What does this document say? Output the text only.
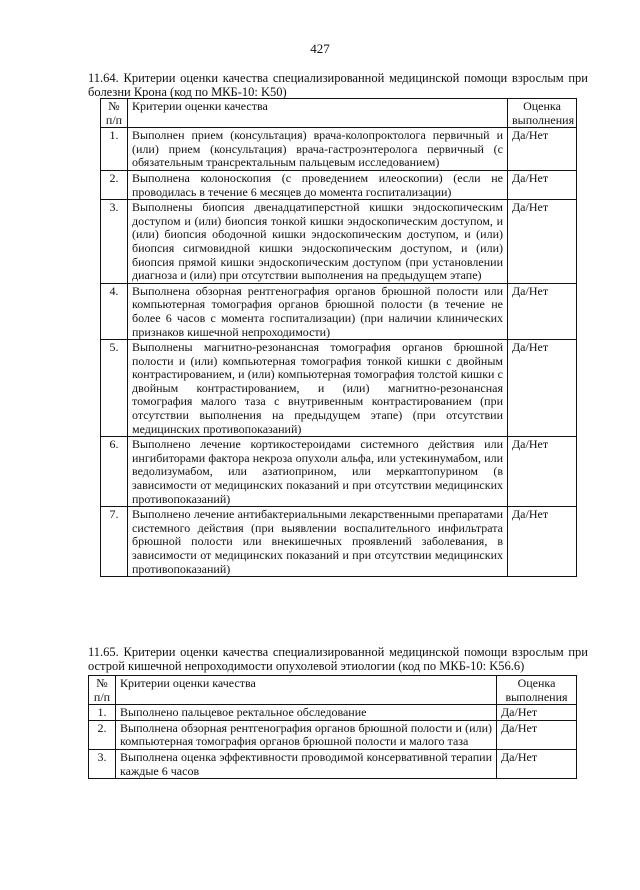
427
11.64. Критерии оценки качества специализированной медицинской помощи взрослым при болезни Крона (код по МКБ-10: K50)
№ п/п	Критерии оценки качества	Оценка выполнения
1.	Выполнен прием (консультация) врача-колопроктолога первичный и (или) прием (консультация) врача-гастроэнтеролога первичный (с обязательным трансректальным пальцевым исследованием)	Да/Нет
2.	Выполнена колоноскопия (с проведением илеоскопии) (если не проводилась в течение 6 месяцев до момента госпитализации)	Да/Нет
3.	Выполнены биопсия двенадцатиперстной кишки эндоскопическим доступом и (или) биопсия тонкой кишки эндоскопическим доступом, и (или) биопсия ободочной кишки эндоскопическим доступом, и (или) биопсия сигмовидной кишки эндоскопическим доступом, и (или) биопсия прямой кишки эндоскопическим доступом (при установлении диагноза и (или) при отсутствии выполнения на предыдущем этапе)	Да/Нет
4.	Выполнена обзорная рентгенография органов брюшной полости или компьютерная томография органов брюшной полости (в течение не более 6 часов с момента госпитализации) (при наличии клинических признаков кишечной непроходимости)	Да/Нет
5.	Выполнены магнитно-резонансная томография органов брюшной полости и (или) компьютерная томография тонкой кишки с двойным контрастированием, и (или) компьютерная томография толстой кишки с двойным контрастированием, и (или) магнитно-резонансная томография малого таза с внутривенным контрастированием (при отсутствии выполнения на предыдущем этапе) (при отсутствии медицинских противопоказаний)	Да/Нет
6.	Выполнено лечение кортикостероидами системного действия или ингибиторами фактора некроза опухоли альфа, или устекинумабом, или ведолизумабом, или азатиоприном, или меркаптопурином (в зависимости от медицинских показаний и при отсутствии медицинских противопоказаний)	Да/Нет
7.	Выполнено лечение антибактериальными лекарственными препаратами системного действия (при выявлении воспалительного инфильтрата брюшной полости или внекишечных проявлений заболевания, в зависимости от медицинских показаний и при отсутствии медицинских противопоказаний)	Да/Нет
11.65. Критерии оценки качества специализированной медицинской помощи взрослым при острой кишечной непроходимости опухолевой этиологии (код по МКБ-10: K56.6)
№ п/п	Критерии оценки качества	Оценка выполнения
1.	Выполнено пальцевое ректальное обследование	Да/Нет
2.	Выполнена обзорная рентгенография органов брюшной полости и (или) компьютерная томография органов брюшной полости и малого таза	Да/Нет
3.	Выполнена оценка эффективности проводимой консервативной терапии каждые 6 часов	Да/Нет
